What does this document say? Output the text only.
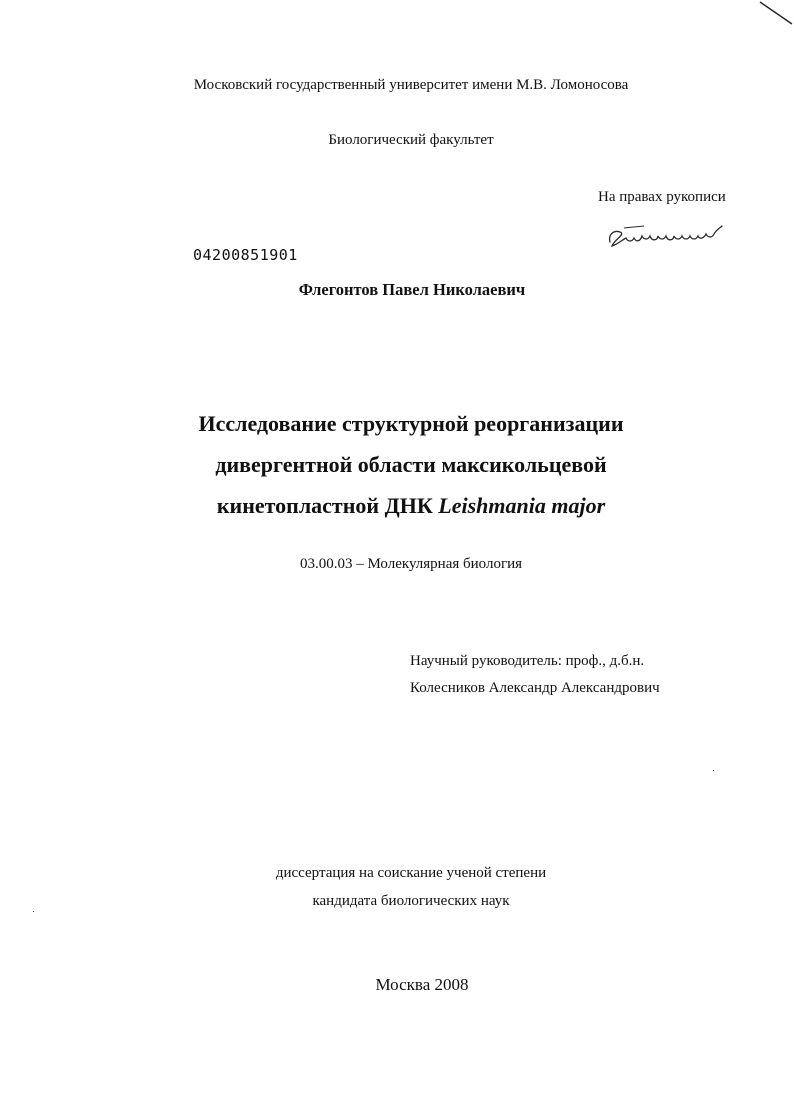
Московский государственный университет имени М.В. Ломоносова
Биологический факультет
На правах рукописи
04200851901
Флегонтов Павел Николаевич
Исследование структурной реорганизации
дивергентной области максикольцевой
кинетопластной ДНК Leishmania major
03.00.03 – Молекулярная биология
Научный руководитель: проф., д.б.н.
Колесников Александр Александрович
диссертация на соискание ученой степени
кандидата биологических наук
Москва 2008
